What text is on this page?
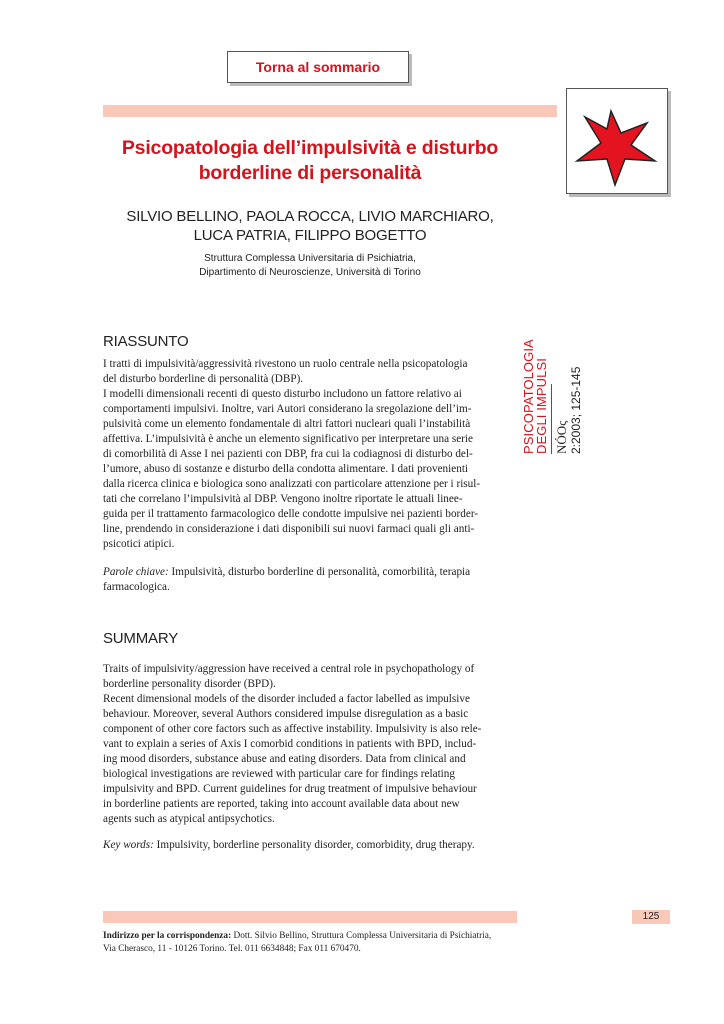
Torna al sommario
Psicopatologia dell’impulsività e disturbo
borderline di personalità
SILVIO BELLINO, PAOLA ROCCA, LIVIO MARCHIARO,
LUCA PATRIA, FILIPPO BOGETTO
Struttura Complessa Universitaria di Psichiatria,
Dipartimento di Neuroscienze, Università di Torino
PSICOPATOLOGIA
DEGLI IMPULSI NÓOς 2:2003; 125-145
RIASSUNTO

I tratti di impulsività/aggressività rivestono un ruolo centrale nella psicopatologia
del disturbo borderline di personalità (DBP).
I modelli dimensionali recenti di questo disturbo includono un fattore relativo ai
comportamenti impulsivi. Inoltre, vari Autori considerano la sregolazione dell’im-
pulsività come un elemento fondamentale di altri fattori nucleari quali l’instabilità
affettiva. L’impulsività è anche un elemento significativo per interpretare una serie
di comorbilità di Asse I nei pazienti con DBP, fra cui la codiagnosi di disturbo del-
l’umore, abuso di sostanze e disturbo della condotta alimentare. I dati provenienti
dalla ricerca clinica e biologica sono analizzati con particolare attenzione per i risul-
tati che correlano l’impulsività al DBP. Vengono inoltre riportate le attuali linee-
guida per il trattamento farmacologico delle condotte impulsive nei pazienti border-
line, prendendo in considerazione i dati disponibili sui nuovi farmaci quali gli anti-
psicotici atipici.

Parole chiave: Impulsività, disturbo borderline di personalità, comorbilità, terapia
farmacologica.

SUMMARY

Traits of impulsivity/aggression have received a central role in psychopathology of
borderline personality disorder (BPD).
Recent dimensional models of the disorder included a factor labelled as impulsive
behaviour. Moreover, several Authors considered impulse disregulation as a basic
component of other core factors such as affective instability. Impulsivity is also rele-
vant to explain a series of Axis I comorbid conditions in patients with BPD, includ-
ing mood disorders, substance abuse and eating disorders. Data from clinical and
biological investigations are reviewed with particular care for findings relating
impulsivity and BPD. Current guidelines for drug treatment of impulsive behaviour
in borderline patients are reported, taking into account available data about new
agents such as atypical antipsychotics.

Key words: Impulsivity, borderline personality disorder, comorbidity, drug therapy.

125
Indirizzo per la corrispondenza: Dott. Silvio Bellino, Struttura Complessa Universitaria di Psichiatria,
Via Cherasco, 11 - 10126 Torino. Tel. 011 6634848; Fax 011 670470.
